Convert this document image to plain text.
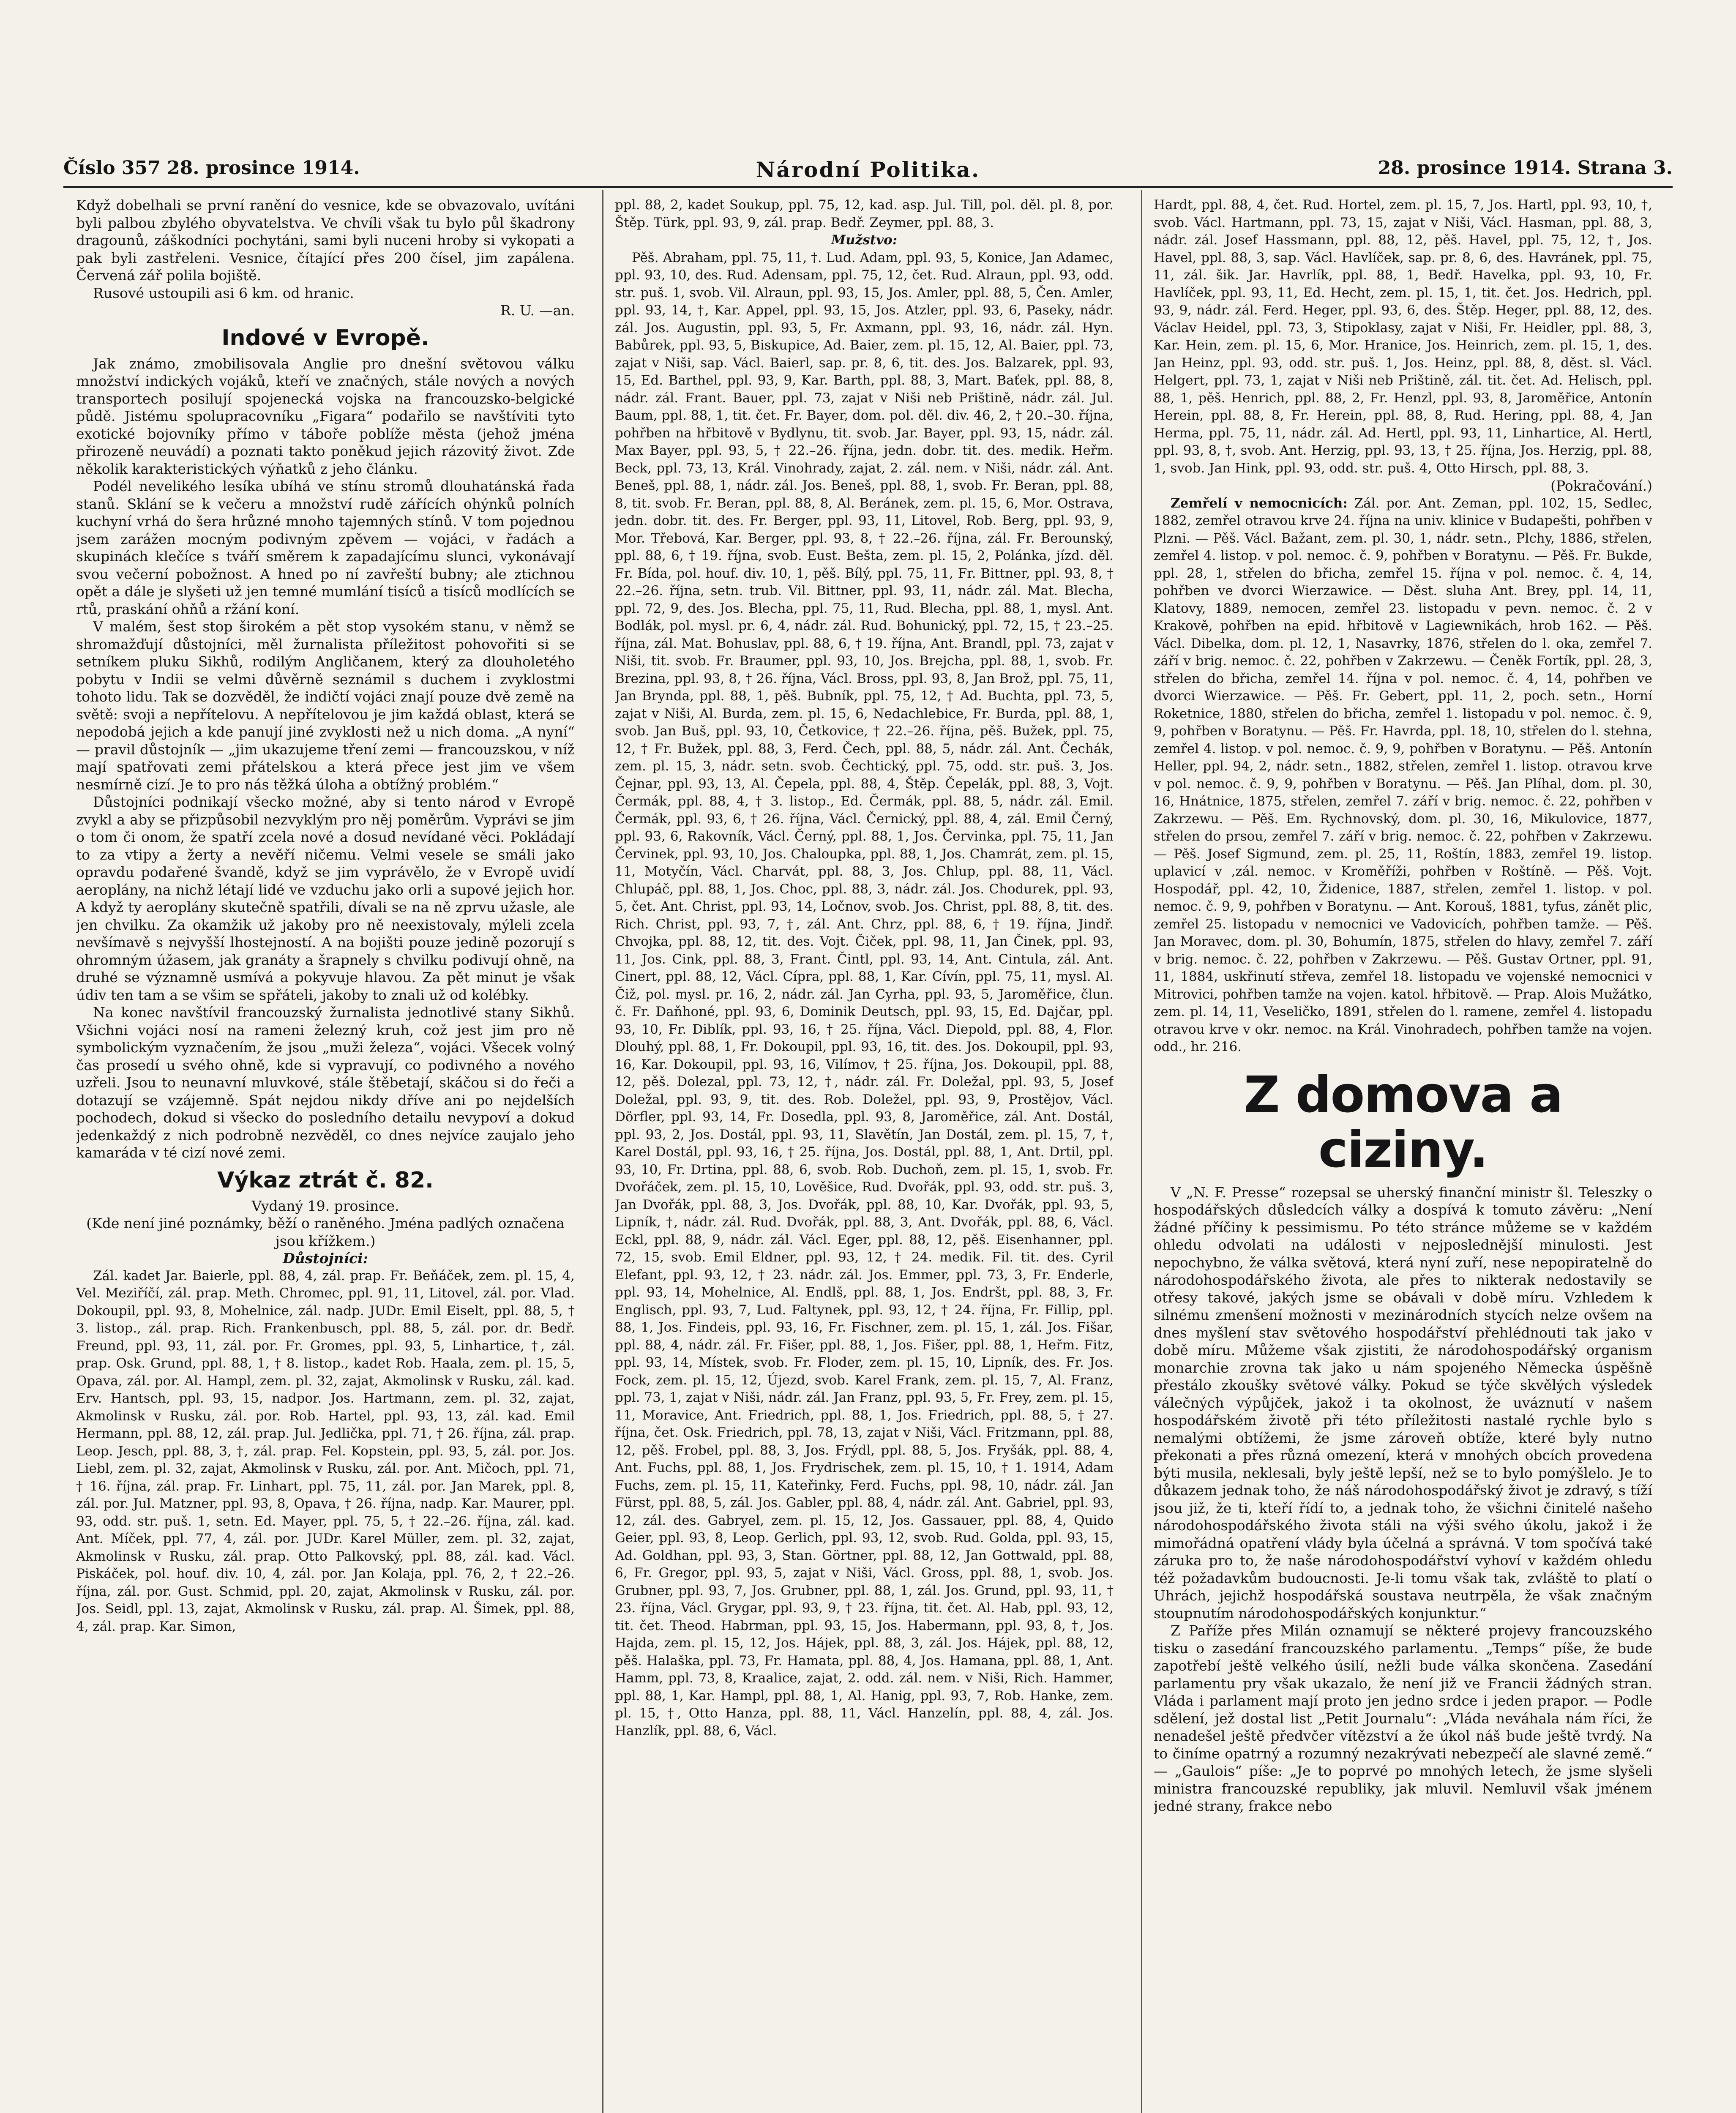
Číslo 357 28. prosince 1914.	Národní Politika.	28. prosince 1914. Strana 3.

Když dobelhali se první ranění do vesnice, kde se obvazovalo, uvítáni byli palbou zbylého obyvatelstva. Ve chvíli však tu bylo půl škadrony dragounů, záškodníci pochytáni, sami byli nuceni hroby si vykopati a pak byli zastřeleni. Vesnice, čítající přes 200 čísel, jim zapálena. Červená zář polila bojiště.

Rusové ustoupili asi 6 km. od hranic.

R. U. —an.

Indové v Evropě.

Jak známo, zmobilisovala Anglie pro dnešní světovou válku množství indických vojáků, kteří ve značných, stále nových a nových transportech posilují spojenecká vojska na francouzsko-belgické půdě. Jistému spolupracovníku „Figara“ podařilo se navštíviti tyto exotické bojovníky přímo v táboře poblíže města (jehož jména přirozeně neuvádí) a poznati takto poněkud jejich rázovitý život. Zde několik karakteristických výňatků z jeho článku.

Podél nevelikého lesíka ubíhá ve stínu stromů dlouhatánská řada stanů. Sklání se k večeru a množství rudě zářících ohýnků polních kuchyní vrhá do šera hrůzné mnoho tajemných stínů. V tom pojednou jsem zarážen mocným podivným zpěvem — vojáci, v řadách a skupinách klečíce s tváří směrem k zapadajícímu slunci, vykonávají svou večerní pobožnost. A hned po ní zavřeští bubny; ale ztichnou opět a dále je slyšeti už jen temné mumlání tisíců a tisíců modlících se rtů, praskání ohňů a ržání koní.

V malém, šest stop širokém a pět stop vysokém stanu, v němž se shromažďují důstojníci, měl žurnalista příležitost pohovořiti si se setníkem pluku Sikhů, rodilým Angličanem, který za dlouholetého pobytu v Indii se velmi důvěrně seznámil s duchem i zvyklostmi tohoto lidu. Tak se dozvěděl, že indičtí vojáci znají pouze dvě země na světě: svoji a nepřítelovu. A nepřítelovou je jim každá oblast, která se nepodobá jejich a kde panují jiné zvyklosti než u nich doma. „A nyní“ — pravil důstojník — „jim ukazujeme tření zemi — francouzskou, v níž mají spatřovati zemi přátelskou a která přece jest jim ve všem nesmírně cizí. Je to pro nás těžká úloha a obtížný problém.“

Důstojníci podnikají všecko možné, aby si tento národ v Evropě zvykl a aby se přizpůsobil nezvyklým pro něj poměrům. Vyprávi se jim o tom či onom, že spatří zcela nové a dosud nevídané věci. Pokládají to za vtipy a žerty a nevěří ničemu. Velmi vesele se smáli jako opravdu podařené švandě, když se jim vyprávělo, že v Evropě uvidí aeroplány, na nichž létají lidé ve vzduchu jako orli a supové jejich hor. A když ty aeroplány skutečně spatřili, dívali se na ně zprvu užasle, ale jen chvilku. Za okamžik už jakoby pro ně neexistovaly, mýleli zcela nevšímavě s nejvyšší lhostejností. A na bojišti pouze jedině pozorují s ohromným úžasem, jak granáty a šrapnely s chvilku podivují ohně, na druhé se významně usmívá a pokyvuje hlavou. Za pět minut je však údiv ten tam a se všim se spřáteli, jakoby to znali už od kolébky.

Na konec navštívil francouzský žurnalista jednotlivé stany Sikhů. Všichni vojáci nosí na rameni železný kruh, což jest jim pro ně symbolickým vyznačením, že jsou „muži železa“, vojáci. Všecek volný čas prosedí u svého ohně, kde si vypravují, co podivného a nového uzřeli. Jsou to neunavní mluvkové, stále štěbetají, skáčou si do řeči a dotazují se vzájemně. Spát nejdou nikdy dříve ani po nejdelších pochodech, dokud si všecko do posledního detailu nevypoví a dokud jedenkaždý z nich podrobně nezvěděl, co dnes nejvíce zaujalo jeho kamaráda v té cizí nové zemi.

Výkaz ztrát č. 82.

Vydaný 19. prosince.

(Kde není jiné poznámky, běží o raněného. Jména padlých označena jsou křížkem.)

Důstojníci:

Zál. kadet Jar. Baierle, ppl. 88, 4, zál. prap. Fr. Beňáček, zem. pl. 15, 4, Vel. Meziříčí, zál. prap. Meth. Chromec, ppl. 91, 11, Litovel, zál. por. Vlad. Dokoupil, ppl. 93, 8, Mohelnice, zál. nadp. JUDr. Emil Eiselt, ppl. 88, 5, † 3. listop., zál. prap. Rich. Frankenbusch, ppl. 88, 5, zál. por. dr. Bedř. Freund, ppl. 93, 11, zál. por. Fr. Gromes, ppl. 93, 5, Linhartice, †, zál. prap. Osk. Grund, ppl. 88, 1, † 8. listop., kadet Rob. Haala, zem. pl. 15, 5, Opava, zál. por. Al. Hampl, zem. pl. 32, zajat, Akmolinsk v Rusku, zál. kad. Erv. Hantsch, ppl. 93, 15, nadpor. Jos. Hartmann, zem. pl. 32, zajat, Akmolinsk v Rusku, zál. por. Rob. Hartel, ppl. 93, 13, zál. kad. Emil Hermann, ppl. 88, 12, zál. prap. Jul. Jedlička, ppl. 71, † 26. října, zál. prap. Leop. Jesch, ppl. 88, 3, †, zál. prap. Fel. Kopstein, ppl. 93, 5, zál. por. Jos. Liebl, zem. pl. 32, zajat, Akmolinsk v Rusku, zál. por. Ant. Mičoch, ppl. 71, † 16. října, zál. prap. Fr. Linhart, ppl. 75, 11, zál. por. Jan Marek, ppl. 8, zál. por. Jul. Matzner, ppl. 93, 8, Opava, † 26. října, nadp. Kar. Maurer, ppl. 93, odd. str. puš. 1, setn. Ed. Mayer, ppl. 75, 5, † 22.–26. října, zál. kad. Ant. Míček, ppl. 77, 4, zál. por. JUDr. Karel Müller, zem. pl. 32, zajat, Akmolinsk v Rusku, zál. prap. Otto Palkovský, ppl. 88, zál. kad. Václ. Piskáček, pol. houf. div. 10, 4, zál. por. Jan Kolaja, ppl. 76, 2, † 22.–26. října, zál. por. Gust. Schmid, ppl. 20, zajat, Akmolinsk v Rusku, zál. por. Jos. Seidl, ppl. 13, zajat, Akmolinsk v Rusku, zál. prap. Al. Šimek, ppl. 88, 4, zál. prap. Kar. Simon,

ppl. 88, 2, kadet Soukup, ppl. 75, 12, kad. asp. Jul. Till, pol. děl. pl. 8, por. Štěp. Türk, ppl. 93, 9, zál. prap. Bedř. Zeymer, ppl. 88, 3.

Mužstvo:

Pěš. Abraham, ppl. 75, 11, †. Lud. Adam, ppl. 93, 5, Konice, Jan Adamec, ppl. 93, 10, des. Rud. Adensam, ppl. 75, 12, čet. Rud. Alraun, ppl. 93, odd. str. puš. 1, svob. Vil. Alraun, ppl. 93, 15, Jos. Amler, ppl. 88, 5, Čen. Amler, ppl. 93, 14, †, Kar. Appel, ppl. 93, 15, Jos. Atzler, ppl. 93, 6, Paseky, nádr. zál. Jos. Augustin, ppl. 93, 5, Fr. Axmann, ppl. 93, 16, nádr. zál. Hyn. Babůrek, ppl. 93, 5, Biskupice, Ad. Baier, zem. pl. 15, 12, Al. Baier, ppl. 73, zajat v Niši, sap. Václ. Baierl, sap. pr. 8, 6, tit. des. Jos. Balzarek, ppl. 93, 15, Ed. Barthel, ppl. 93, 9, Kar. Barth, ppl. 88, 3, Mart. Baťek, ppl. 88, 8, nádr. zál. Frant. Bauer, ppl. 73, zajat v Niši neb Prištině, nádr. zál. Jul. Baum, ppl. 88, 1, tit. čet. Fr. Bayer, dom. pol. děl. div. 46, 2, † 20.–30. října, pohřben na hřbitově v Bydlynu, tit. svob. Jar. Bayer, ppl. 93, 15, nádr. zál. Max Bayer, ppl. 93, 5, † 22.–26. října, jedn. dobr. tit. des. medik. Heřm. Beck, ppl. 73, 13, Král. Vinohrady, zajat, 2. zál. nem. v Niši, nádr. zál. Ant. Beneš, ppl. 88, 1, nádr. zál. Jos. Beneš, ppl. 88, 1, svob. Fr. Beran, ppl. 88, 8, tit. svob. Fr. Beran, ppl. 88, 8, Al. Beránek, zem. pl. 15, 6, Mor. Ostrava, jedn. dobr. tit. des. Fr. Berger, ppl. 93, 11, Litovel, Rob. Berg, ppl. 93, 9, Mor. Třebová, Kar. Berger, ppl. 93, 8, † 22.–26. října, zál. Fr. Berounský, ppl. 88, 6, † 19. října, svob. Eust. Bešta, zem. pl. 15, 2, Polánka, jízd. děl. Fr. Bída, pol. houf. div. 10, 1, pěš. Bílý, ppl. 75, 11, Fr. Bittner, ppl. 93, 8, † 22.–26. října, setn. trub. Vil. Bittner, ppl. 93, 11, nádr. zál. Mat. Blecha, ppl. 72, 9, des. Jos. Blecha, ppl. 75, 11, Rud. Blecha, ppl. 88, 1, mysl. Ant. Bodlák, pol. mysl. pr. 6, 4, nádr. zál. Rud. Bohunický, ppl. 72, 15, † 23.–25. října, zál. Mat. Bohuslav, ppl. 88, 6, † 19. října, Ant. Brandl, ppl. 73, zajat v Niši, tit. svob. Fr. Braumer, ppl. 93, 10, Jos. Brejcha, ppl. 88, 1, svob. Fr. Brezina, ppl. 93, 8, † 26. října, Václ. Bross, ppl. 93, 8, Jan Brož, ppl. 75, 11, Jan Brynda, ppl. 88, 1, pěš. Bubník, ppl. 75, 12, † Ad. Buchta, ppl. 73, 5, zajat v Niši, Al. Burda, zem. pl. 15, 6, Nedachlebice, Fr. Burda, ppl. 88, 1, svob. Jan Buš, ppl. 93, 10, Četkovice, † 22.–26. října, pěš. Bužek, ppl. 75, 12, † Fr. Bužek, ppl. 88, 3, Ferd. Čech, ppl. 88, 5, nádr. zál. Ant. Čechák, zem. pl. 15, 3, nádr. setn. svob. Čechtický, ppl. 75, odd. str. puš. 3, Jos. Čejnar, ppl. 93, 13, Al. Čepela, ppl. 88, 4, Štěp. Čepelák, ppl. 88, 3, Vojt. Čermák, ppl. 88, 4, † 3. listop., Ed. Čermák, ppl. 88, 5, nádr. zál. Emil. Čermák, ppl. 93, 6, † 26. října, Václ. Černický, ppl. 88, 4, zál. Emil Černý, ppl. 93, 6, Rakovník, Václ. Černý, ppl. 88, 1, Jos. Červinka, ppl. 75, 11, Jan Červinek, ppl. 93, 10, Jos. Chaloupka, ppl. 88, 1, Jos. Chamrát, zem. pl. 15, 11, Motyčín, Václ. Charvát, ppl. 88, 3, Jos. Chlup, ppl. 88, 11, Václ. Chlupáč, ppl. 88, 1, Jos. Choc, ppl. 88, 3, nádr. zál. Jos. Chodurek, ppl. 93, 5, čet. Ant. Christ, ppl. 93, 14, Ločnov, svob. Jos. Christ, ppl. 88, 8, tit. des. Rich. Christ, ppl. 93, 7, †, zál. Ant. Chrz, ppl. 88, 6, † 19. října, Jindř. Chvojka, ppl. 88, 12, tit. des. Vojt. Čiček, ppl. 98, 11, Jan Činek, ppl. 93, 11, Jos. Cink, ppl. 88, 3, Frant. Čintl, ppl. 93, 14, Ant. Cintula, zál. Ant. Cinert, ppl. 88, 12, Václ. Cípra, ppl. 88, 1, Kar. Cívín, ppl. 75, 11, mysl. Al. Čiž, pol. mysl. pr. 16, 2, nádr. zál. Jan Cyrha, ppl. 93, 5, Jaroměřice, člun. č. Fr. Daňhoné, ppl. 93, 6, Dominik Deutsch, ppl. 93, 15, Ed. Dajčar, ppl. 93, 10, Fr. Diblík, ppl. 93, 16, † 25. října, Václ. Diepold, ppl. 88, 4, Flor. Dlouhý, ppl. 88, 1, Fr. Dokoupil, ppl. 93, 16, tit. des. Jos. Dokoupil, ppl. 93, 16, Kar. Dokoupil, ppl. 93, 16, Vilímov, † 25. října, Jos. Dokoupil, ppl. 88, 12, pěš. Dolezal, ppl. 73, 12, †, nádr. zál. Fr. Doležal, ppl. 93, 5, Josef Doležal, ppl. 93, 9, tit. des. Rob. Doležel, ppl. 93, 9, Prostějov, Václ. Dörfler, ppl. 93, 14, Fr. Dosedla, ppl. 93, 8, Jaroměřice, zál. Ant. Dostál, ppl. 93, 2, Jos. Dostál, ppl. 93, 11, Slavětín, Jan Dostál, zem. pl. 15, 7, †, Karel Dostál, ppl. 93, 16, † 25. října, Jos. Dostál, ppl. 88, 1, Ant. Drtil, ppl. 93, 10, Fr. Drtina, ppl. 88, 6, svob. Rob. Duchoň, zem. pl. 15, 1, svob. Fr. Dvořáček, zem. pl. 15, 10, Lověšice, Rud. Dvořák, ppl. 93, odd. str. puš. 3, Jan Dvořák, ppl. 88, 3, Jos. Dvořák, ppl. 88, 10, Kar. Dvořák, ppl. 93, 5, Lipník, †, nádr. zál. Rud. Dvořák, ppl. 88, 3, Ant. Dvořák, ppl. 88, 6, Václ. Eckl, ppl. 88, 9, nádr. zál. Václ. Eger, ppl. 88, 12, pěš. Eisenhanner, ppl. 72, 15, svob. Emil Eldner, ppl. 93, 12, † 24. medik. Fil. tit. des. Cyril Elefant, ppl. 93, 12, † 23. nádr. zál. Jos. Emmer, ppl. 73, 3, Fr. Enderle, ppl. 93, 14, Mohelnice, Al. Endlš, ppl. 88, 1, Jos. Endršt, ppl. 88, 3, Fr. Englisch, ppl. 93, 7, Lud. Faltynek, ppl. 93, 12, † 24. října, Fr. Fillip, ppl. 88, 1, Jos. Findeis, ppl. 93, 16, Fr. Fischner, zem. pl. 15, 1, zál. Jos. Fišar, ppl. 88, 4, nádr. zál. Fr. Fišer, ppl. 88, 1, Jos. Fišer, ppl. 88, 1, Heřm. Fitz, ppl. 93, 14, Místek, svob. Fr. Floder, zem. pl. 15, 10, Lipník, des. Fr. Jos. Fock, zem. pl. 15, 12, Újezd, svob. Karel Frank, zem. pl. 15, 7, Al. Franz, ppl. 73, 1, zajat v Niši, nádr. zál. Jan Franz, ppl. 93, 5, Fr. Frey, zem. pl. 15, 11, Moravice, Ant. Friedrich, ppl. 88, 1, Jos. Friedrich, ppl. 88, 5, † 27. října, čet. Osk. Friedrich, ppl. 78, 13, zajat v Niši, Václ. Fritzmann, ppl. 88, 12, pěš. Frobel, ppl. 88, 3, Jos. Frýdl, ppl. 88, 5, Jos. Fryšák, ppl. 88, 4, Ant. Fuchs, ppl. 88, 1, Jos. Frydrischek, zem. pl. 15, 10, † 1. 1914, Adam Fuchs, zem. pl. 15, 11, Kateřinky, Ferd. Fuchs, ppl. 98, 10, nádr. zál. Jan Fürst, ppl. 88, 5, zál. Jos. Gabler, ppl. 88, 4, nádr. zál. Ant. Gabriel, ppl. 93, 12, zál. des. Gabryel, zem. pl. 15, 12, Jos. Gassauer, ppl. 88, 4, Quido Geier, ppl. 93, 8, Leop. Gerlich, ppl. 93, 12, svob. Rud. Golda, ppl. 93, 15, Ad. Goldhan, ppl. 93, 3, Stan. Görtner, ppl. 88, 12, Jan Gottwald, ppl. 88, 6, Fr. Gregor, ppl. 93, 5, zajat v Niši, Václ. Gross, ppl. 88, 1, svob. Jos. Grubner, ppl. 93, 7, Jos. Grubner, ppl. 88, 1, zál. Jos. Grund, ppl. 93, 11, † 23. října, Václ. Grygar, ppl. 93, 9, † 23. října, tit. čet. Al. Hab, ppl. 93, 12, tit. čet. Theod. Habrman, ppl. 93, 15, Jos. Habermann, ppl. 93, 8, †, Jos. Hajda, zem. pl. 15, 12, Jos. Hájek, ppl. 88, 3, zál. Jos. Hájek, ppl. 88, 12, pěš. Halaška, ppl. 73, Fr. Hamata, ppl. 88, 4, Jos. Hamana, ppl. 88, 1, Ant. Hamm, ppl. 73, 8, Kraalice, zajat, 2. odd. zál. nem. v Niši, Rich. Hammer, ppl. 88, 1, Kar. Hampl, ppl. 88, 1, Al. Hanig, ppl. 93, 7, Rob. Hanke, zem. pl. 15, †, Otto Hanza, ppl. 88, 11, Václ. Hanzelín, ppl. 88, 4, zál. Jos. Hanzlík, ppl. 88, 6, Václ.

Hardt, ppl. 88, 4, čet. Rud. Hortel, zem. pl. 15, 7, Jos. Hartl, ppl. 93, 10, †, svob. Václ. Hartmann, ppl. 73, 15, zajat v Niši, Václ. Hasman, ppl. 88, 3, nádr. zál. Josef Hassmann, ppl. 88, 12, pěš. Havel, ppl. 75, 12, †, Jos. Havel, ppl. 88, 3, sap. Václ. Havlíček, sap. pr. 8, 6, des. Havránek, ppl. 75, 11, zál. šik. Jar. Havrlík, ppl. 88, 1, Bedř. Havelka, ppl. 93, 10, Fr. Havlíček, ppl. 93, 11, Ed. Hecht, zem. pl. 15, 1, tit. čet. Jos. Hedrich, ppl. 93, 9, nádr. zál. Ferd. Heger, ppl. 93, 6, des. Štěp. Heger, ppl. 88, 12, des. Václav Heidel, ppl. 73, 3, Stipoklasy, zajat v Niši, Fr. Heidler, ppl. 88, 3, Kar. Hein, zem. pl. 15, 6, Mor. Hranice, Jos. Heinrich, zem. pl. 15, 1, des. Jan Heinz, ppl. 93, odd. str. puš. 1, Jos. Heinz, ppl. 88, 8, děst. sl. Václ. Helgert, ppl. 73, 1, zajat v Niši neb Prištině, zál. tit. čet. Ad. Helisch, ppl. 88, 1, pěš. Henrich, ppl. 88, 2, Fr. Henzl, ppl. 93, 8, Jaroměřice, Antonín Herein, ppl. 88, 8, Fr. Herein, ppl. 88, 8, Rud. Hering, ppl. 88, 4, Jan Herma, ppl. 75, 11, nádr. zál. Ad. Hertl, ppl. 93, 11, Linhartice, Al. Hertl, ppl. 93, 8, †, svob. Ant. Herzig, ppl. 93, 13, † 25. října, Jos. Herzig, ppl. 88, 1, svob. Jan Hink, ppl. 93, odd. str. puš. 4, Otto Hirsch, ppl. 88, 3.

(Pokračování.)

Zemřelí v nemocnicích: Zál. por. Ant. Zeman, ppl. 102, 15, Sedlec, 1882, zemřel otravou krve 24. října na univ. klinice v Budapešti, pohřben v Plzni. — Pěš. Václ. Bažant, zem. pl. 30, 1, nádr. setn., Plchy, 1886, střelen, zemřel 4. listop. v pol. nemoc. č. 9, pohřben v Boratynu. — Pěš. Fr. Bukde, ppl. 28, 1, střelen do břicha, zemřel 15. října v pol. nemoc. č. 4, 14, pohřben ve dvorci Wierzawice. — Děst. sluha Ant. Brey, ppl. 14, 11, Klatovy, 1889, nemocen, zemřel 23. listopadu v pevn. nemoc. č. 2 v Krakově, pohřben na epid. hřbitově v Lagiewnikách, hrob 162. — Pěš. Václ. Dibelka, dom. pl. 12, 1, Nasavrky, 1876, střelen do l. oka, zemřel 7. září v brig. nemoc. č. 22, pohřben v Zakrzewu. — Čeněk Fortík, ppl. 28, 3, střelen do břicha, zemřel 14. října v pol. nemoc. č. 4, 14, pohřben ve dvorci Wierzawice. — Pěš. Fr. Gebert, ppl. 11, 2, poch. setn., Horní Roketnice, 1880, střelen do břicha, zemřel 1. listopadu v pol. nemoc. č. 9, 9, pohřben v Boratynu. — Pěš. Fr. Havrda, ppl. 18, 10, střelen do l. stehna, zemřel 4. listop. v pol. nemoc. č. 9, 9, pohřben v Boratynu. — Pěš. Antonín Heller, ppl. 94, 2, nádr. setn., 1882, střelen, zemřel 1. listop. otravou krve v pol. nemoc. č. 9, 9, pohřben v Boratynu. — Pěš. Jan Plíhal, dom. pl. 30, 16, Hnátnice, 1875, střelen, zemřel 7. září v brig. nemoc. č. 22, pohřben v Zakrzewu. — Pěš. Em. Rychnovský, dom. pl. 30, 16, Mikulovice, 1877, střelen do prsou, zemřel 7. září v brig. nemoc. č. 22, pohřben v Zakrzewu. — Pěš. Josef Sigmund, zem. pl. 25, 11, Roštín, 1883, zemřel 19. listop. uplavicí v ,zál. nemoc. v Kroměříži, pohřben v Roštíně. — Pěš. Vojt. Hospodář, ppl. 42, 10, Židenice, 1887, střelen, zemřel 1. listop. v pol. nemoc. č. 9, 9, pohřben v Boratynu. — Ant. Korouš, 1881, tyfus, zánět plic, zemřel 25. listopadu v nemocnici ve Vadovicích, pohřben tamže. — Pěš. Jan Moravec, dom. pl. 30, Bohumín, 1875, střelen do hlavy, zemřel 7. září v brig. nemoc. č. 22, pohřben v Zakrzewu. — Pěš. Gustav Ortner, ppl. 91, 11, 1884, uskřinutí střeva, zemřel 18. listopadu ve vojenské nemocnici v Mitrovici, pohřben tamže na vojen. katol. hřbitově. — Prap. Alois Mužátko, zem. pl. 14, 11, Veseličko, 1891, střelen do l. ramene, zemřel 4. listopadu otravou krve v okr. nemoc. na Král. Vinohradech, pohřben tamže na vojen. odd., hr. 216.

Z domova a ciziny.

V „N. F. Presse“ rozepsal se uherský finanční ministr šl. Teleszky o hospodářských důsledcích války a dospívá k tomuto závěru: „Není žádné příčiny k pessimismu. Po této stránce můžeme se v každém ohledu odvolati na události v nejposlednější minulosti. Jest nepochybno, že válka světová, která nyní zuří, nese nepopiratelně do národohospodářského života, ale přes to nikterak nedostavily se otřesy takové, jakých jsme se obávali v době míru. Vzhledem k silnému zmenšení možnosti v mezinárodních stycích nelze ovšem na dnes myšlení stav světového hospodářství přehlédnouti tak jako v době míru. Můžeme však zjistiti, že národohospodářský organism monarchie zrovna tak jako u nám spojeného Německa úspěšně přestálo zkoušky světové války. Pokud se týče skvělých výsledek válečných výpůjček, jakož i ta okolnost, že uváznutí v našem hospodářském životě při této příležitosti nastalé rychle bylo s nemalými obtížemi, že jsme zároveň obtíže, které byly nutno překonati a přes různá omezení, která v mnohých obcích provedena býti musila, neklesali, byly ještě lepší, než se to bylo pomýšlelo. Je to důkazem jednak toho, že náš národohospodářský život je zdravý, s tíží jsou již, že ti, kteří řídí to, a jednak toho, že všichni činitelé našeho národohospodářského života stáli na výši svého úkolu, jakož i že mimořádná opatření vlády byla účelná a správná. V tom spočívá také záruka pro to, že naše národohospodářství vyhoví v každém ohledu též požadavkům budoucnosti. Je-li tomu však tak, zvláště to platí o Uhrách, jejichž hospodářská soustava neutrpěla, že však značným stoupnutím národohospodářských konjunktur.“

Z Paříže přes Milán oznamují se některé projevy francouzského tisku o zasedání francouzského parlamentu. „Temps“ píše, že bude zapotřebí ještě velkého úsilí, nežli bude válka skončena. Zasedání parlamentu pry však ukazalo, že není již ve Francii žádných stran. Vláda i parlament mají proto jen jedno srdce i jeden prapor. — Podle sdělení, jež dostal list „Petit Journalu“: „Vláda neváhala nám říci, že nenadešel ještě předvčer vítězství a že úkol náš bude ještě tvrdý. Na to činíme opatrný a rozumný nezakrývati nebezpečí ale slavné země.“ — „Gaulois“ píše: „Je to poprvé po mnohých letech, že jsme slyšeli ministra francouzské republiky, jak mluvil. Nemluvil však jménem jedné strany, frakce nebo
